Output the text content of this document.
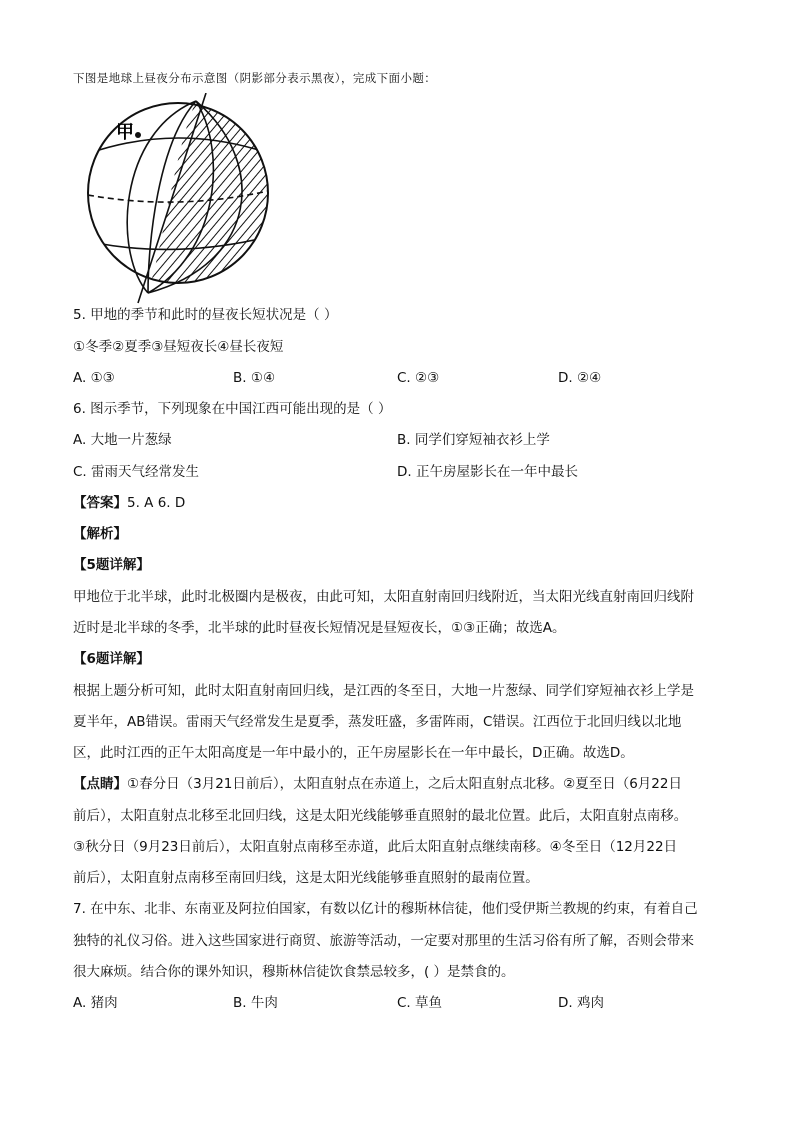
下图是地球上昼夜分布示意图（阴影部分表示黑夜），完成下面小题：
甲
5. 甲地的季节和此时的昼夜长短状况是（ ）
①冬季②夏季③昼短夜长④昼长夜短
A. ①③	B. ①④	C. ②③	D. ②④
6. 图示季节，下列现象在中国江西可能出现的是（ ）
A. 大地一片葱绿	B. 同学们穿短袖衣衫上学
C. 雷雨天气经常发生	D. 正午房屋影长在一年中最长
【答案】5. A 6. D
【解析】
【5题详解】
甲地位于北半球，此时北极圈内是极夜，由此可知，太阳直射南回归线附近，当太阳光线直射南回归线附
近时是北半球的冬季，北半球的此时昼夜长短情况是昼短夜长，①③正确；故选A。
【6题详解】
根据上题分析可知，此时太阳直射南回归线，是江西的冬至日，大地一片葱绿、同学们穿短袖衣衫上学是
夏半年，AB错误。雷雨天气经常发生是夏季，蒸发旺盛，多雷阵雨，C错误。江西位于北回归线以北地
区，此时江西的正午太阳高度是一年中最小的，正午房屋影长在一年中最长，D正确。故选D。
【点睛】①春分日（3月21日前后），太阳直射点在赤道上，之后太阳直射点北移。②夏至日（6月22日
前后），太阳直射点北移至北回归线，这是太阳光线能够垂直照射的最北位置。此后，太阳直射点南移。
③秋分日（9月23日前后），太阳直射点南移至赤道，此后太阳直射点继续南移。④冬至日（12月22日
前后），太阳直射点南移至南回归线，这是太阳光线能够垂直照射的最南位置。
7. 在中东、北非、东南亚及阿拉伯国家，有数以亿计的穆斯林信徒，他们受伊斯兰教规的约束，有着自己
独特的礼仪习俗。进入这些国家进行商贸、旅游等活动，一定要对那里的生活习俗有所了解，否则会带来
很大麻烦。结合你的课外知识，穆斯林信徒饮食禁忌较多，( ）是禁食的。
A. 猪肉	B. 牛肉	C. 草鱼	D. 鸡肉
